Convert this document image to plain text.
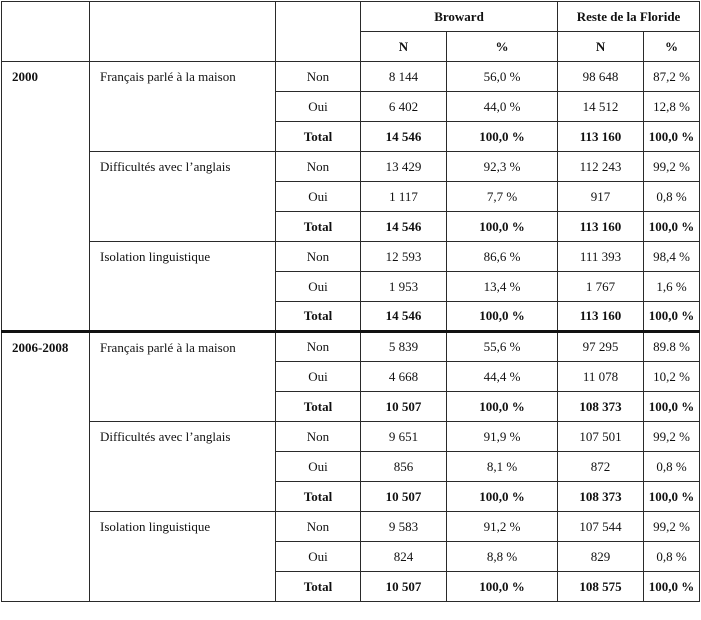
			Broward		Reste de la Floride	
			N	%	N	%
2000	Français parlé à la maison	Non	8 144	56,0 %	98 648	87,2 %
		Oui	6 402	44,0 %	14 512	12,8 %
		Total	14 546	100,0 %	113 160	100,0 %
	Difficultés avec l’anglais	Non	13 429	92,3 %	112 243	99,2 %
		Oui	1 117	7,7 %	917	0,8 %
		Total	14 546	100,0 %	113 160	100,0 %
	Isolation linguistique	Non	12 593	86,6 %	111 393	98,4 %
		Oui	1 953	13,4 %	1 767	1,6 %
		Total	14 546	100,0 %	113 160	100,0 %
2006-2008	Français parlé à la maison	Non	5 839	55,6 %	97 295	89.8 %
		Oui	4 668	44,4 %	11 078	10,2 %
		Total	10 507	100,0 %	108 373	100,0 %
	Difficultés avec l’anglais	Non	9 651	91,9 %	107 501	99,2 %
		Oui	856	8,1 %	872	0,8 %
		Total	10 507	100,0 %	108 373	100,0 %
	Isolation linguistique	Non	9 583	91,2 %	107 544	99,2 %
		Oui	824	8,8 %	829	0,8 %
		Total	10 507	100,0 %	108 575	100,0 %
